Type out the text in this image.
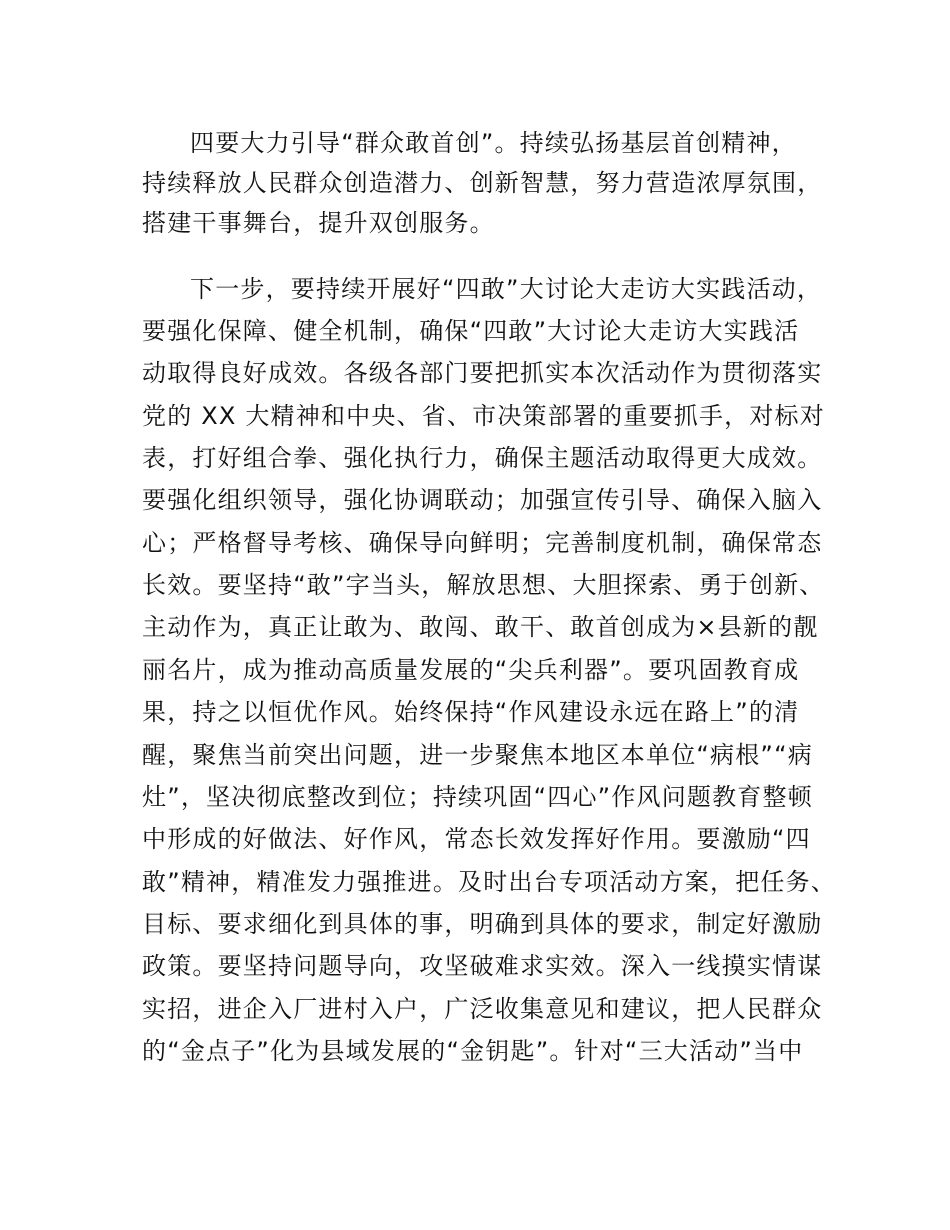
四要大力引导“群众敢首创”。持续弘扬基层首创精神，
持续释放人民群众创造潜力、创新智慧，努力营造浓厚氛围，
搭建干事舞台，提升双创服务。
下一步，要持续开展好“四敢”大讨论大走访大实践活动，
要强化保障、健全机制，确保“四敢”大讨论大走访大实践活
动取得良好成效。各级各部门要把抓实本次活动作为贯彻落实
党的 XX 大精神和中央、省、市决策部署的重要抓手，对标对
表，打好组合拳、强化执行力，确保主题活动取得更大成效。
要强化组织领导，强化协调联动；加强宣传引导、确保入脑入
心；严格督导考核、确保导向鲜明；完善制度机制，确保常态
长效。要坚持“敢”字当头，解放思想、大胆探索、勇于创新、
主动作为，真正让敢为、敢闯、敢干、敢首创成为×县新的靓
丽名片，成为推动高质量发展的“尖兵利器”。要巩固教育成
果，持之以恒优作风。始终保持“作风建设永远在路上”的清
醒，聚焦当前突出问题，进一步聚焦本地区本单位“病根”“病
灶”，坚决彻底整改到位；持续巩固“四心”作风问题教育整顿
中形成的好做法、好作风，常态长效发挥好作用。要激励“四
敢”精神，精准发力强推进。及时出台专项活动方案，把任务、
目标、要求细化到具体的事，明确到具体的要求，制定好激励
政策。要坚持问题导向，攻坚破难求实效。深入一线摸实情谋
实招，进企入厂进村入户，广泛收集意见和建议，把人民群众
的“金点子”化为县域发展的“金钥匙”。针对“三大活动”当中
